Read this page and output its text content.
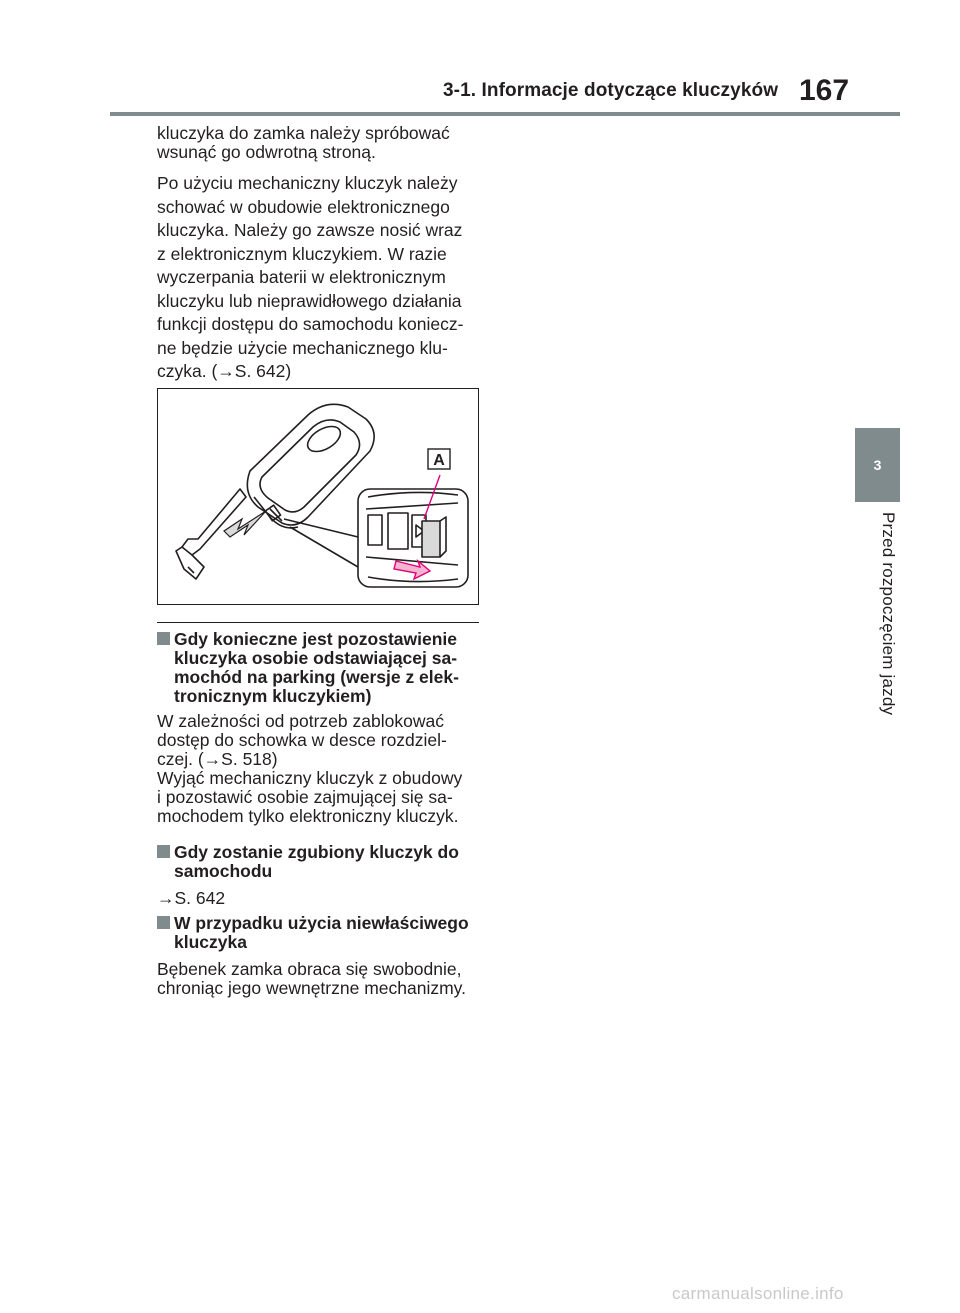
3-1. Informacje dotyczące kluczyków 167
3
Przed rozpoczęciem jazdy

kluczyka do zamka należy spróbować
wsunąć go odwrotną stroną.

Po użyciu mechaniczny kluczyk należy
schować w obudowie elektronicznego
kluczyka. Należy go zawsze nosić wraz
z elektronicznym kluczykiem. W razie
wyczerpania baterii w elektronicznym
kluczyku lub nieprawidłowego działania
funkcji dostępu do samochodu koniecz-
ne będzie użycie mechanicznego klu-
czyka. (→S. 642)

A

Gdy konieczne jest pozostawienie
kluczyka osobie odstawiającej sa-
mochód na parking (wersje z elek-
tronicznym kluczykiem)

W zależności od potrzeb zablokować
dostęp do schowka w desce rozdziel-
czej. (→S. 518)
Wyjąć mechaniczny kluczyk z obudowy
i pozostawić osobie zajmującej się sa-
mochodem tylko elektroniczny kluczyk.

Gdy zostanie zgubiony kluczyk do
samochodu

→S. 642

W przypadku użycia niewłaściwego
kluczyka

Bębenek zamka obraca się swobodnie,
chroniąc jego wewnętrzne mechanizmy.

carmanualsonline.info
